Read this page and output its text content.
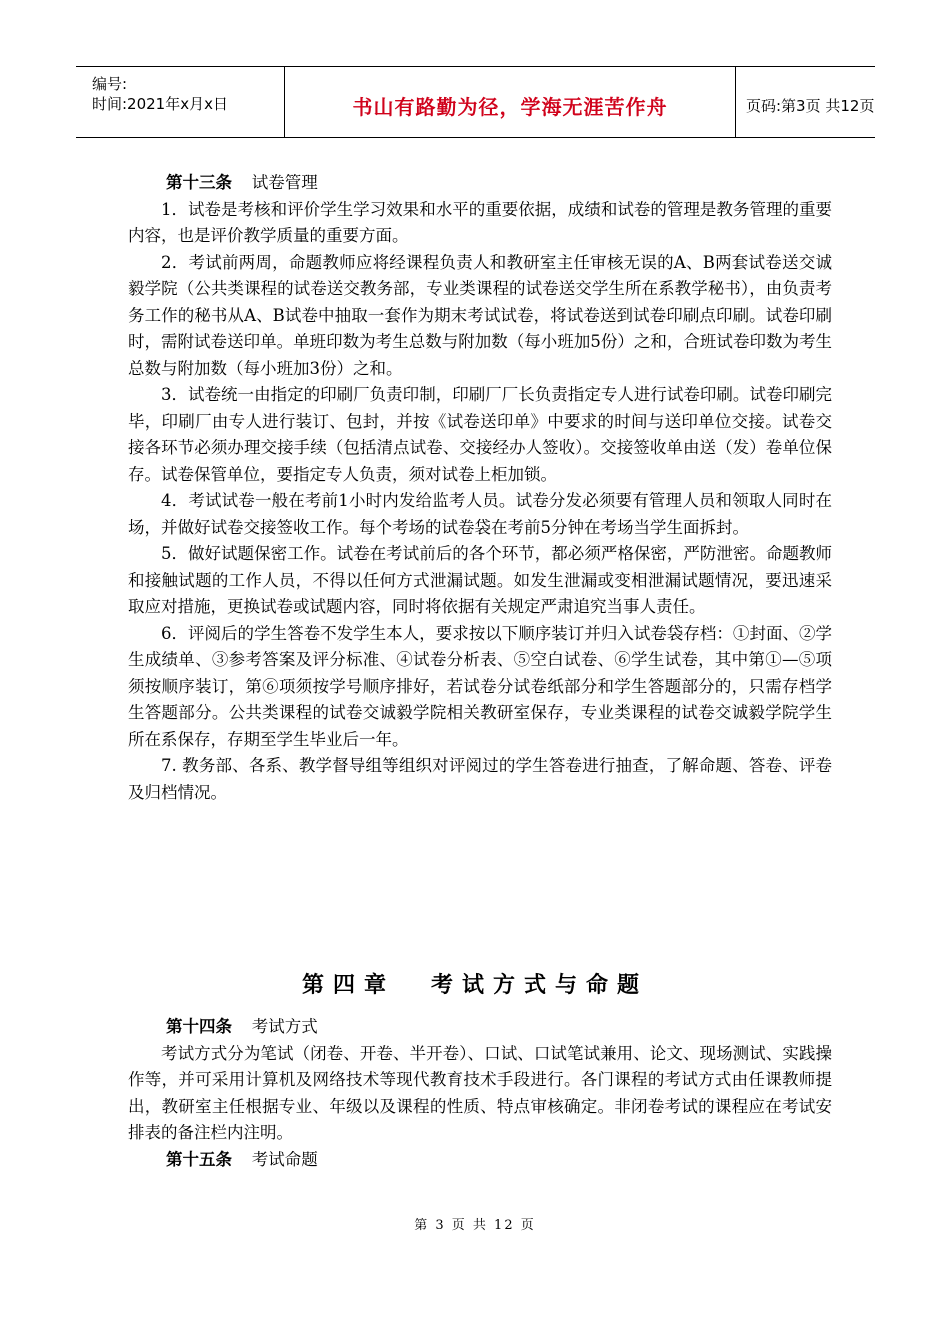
编号:
时间:2021年x月x日	书山有路勤为径，学海无涯苦作舟	页码:第3页 共12页

第十三条 试卷管理

1．试卷是考核和评价学生学习效果和水平的重要依据，成绩和试卷的管理是教务管理的重要内容，也是评价教学质量的重要方面。

2．考试前两周，命题教师应将经课程负责人和教研室主任审核无误的A、B两套试卷送交诚毅学院（公共类课程的试卷送交教务部，专业类课程的试卷送交学生所在系教学秘书），由负责考务工作的秘书从A、B试卷中抽取一套作为期末考试试卷，将试卷送到试卷印刷点印刷。试卷印刷时，需附试卷送印单。单班印数为考生总数与附加数（每小班加5份）之和，合班试卷印数为考生总数与附加数（每小班加3份）之和。

3．试卷统一由指定的印刷厂负责印制，印刷厂厂长负责指定专人进行试卷印刷。试卷印刷完毕，印刷厂由专人进行装订、包封，并按《试卷送印单》中要求的时间与送印单位交接。试卷交接各环节必须办理交接手续（包括清点试卷、交接经办人签收）。交接签收单由送（发）卷单位保存。试卷保管单位，要指定专人负责，须对试卷上柜加锁。

4．考试试卷一般在考前1小时内发给监考人员。试卷分发必须要有管理人员和领取人同时在场，并做好试卷交接签收工作。每个考场的试卷袋在考前5分钟在考场当学生面拆封。

5．做好试题保密工作。试卷在考试前后的各个环节，都必须严格保密，严防泄密。命题教师和接触试题的工作人员，不得以任何方式泄漏试题。如发生泄漏或变相泄漏试题情况，要迅速采取应对措施，更换试卷或试题内容，同时将依据有关规定严肃追究当事人责任。

6．评阅后的学生答卷不发学生本人，要求按以下顺序装订并归入试卷袋存档：①封面、②学生成绩单、③参考答案及评分标准、④试卷分析表、⑤空白试卷、⑥学生试卷，其中第①—⑤项须按顺序装订，第⑥项须按学号顺序排好，若试卷分试卷纸部分和学生答题部分的，只需存档学生答题部分。公共类课程的试卷交诚毅学院相关教研室保存，专业类课程的试卷交诚毅学院学生所在系保存，存期至学生毕业后一年。

7. 教务部、各系、教学督导组等组织对评阅过的学生答卷进行抽查，了解命题、答卷、评卷及归档情况。

第四章 考试方式与命题

第十四条 考试方式

考试方式分为笔试（闭卷、开卷、半开卷）、口试、口试笔试兼用、论文、现场测试、实践操作等，并可采用计算机及网络技术等现代教育技术手段进行。各门课程的考试方式由任课教师提出，教研室主任根据专业、年级以及课程的性质、特点审核确定。非闭卷考试的课程应在考试安排表的备注栏内注明。

第十五条 考试命题

第 3 页 共 12 页
